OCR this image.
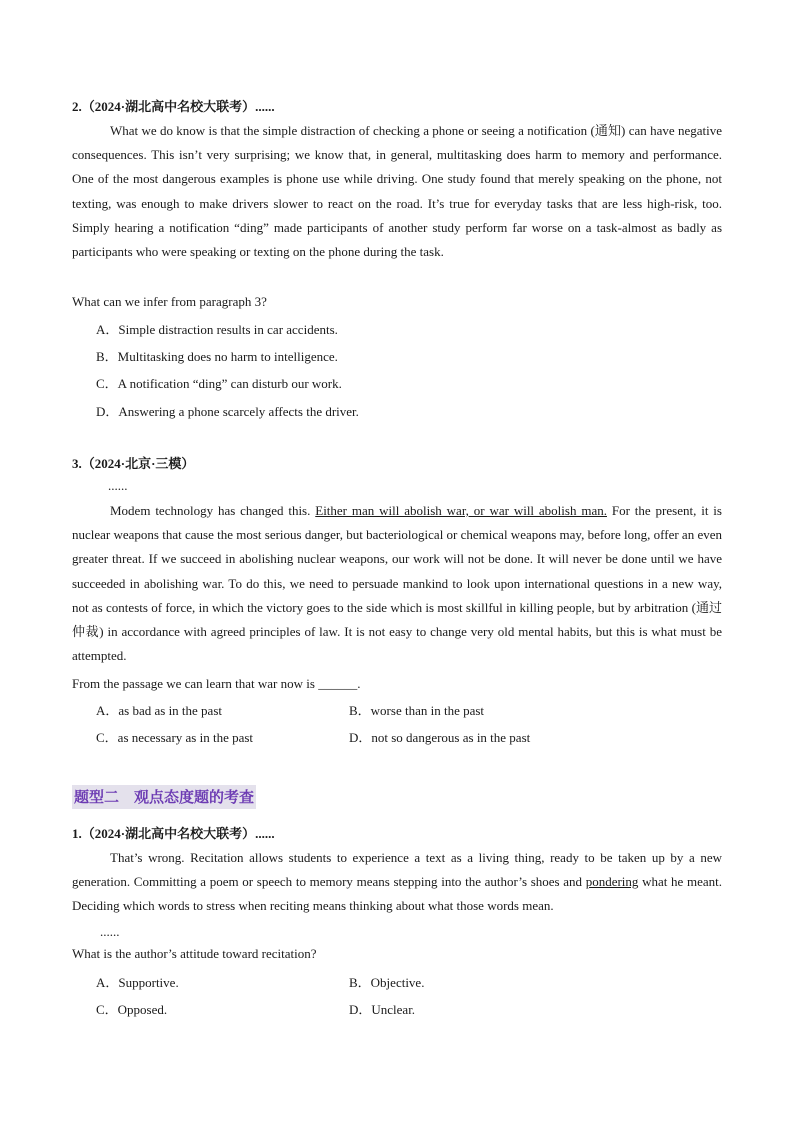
2.（2024·湖北高中名校大联考）......

What we do know is that the simple distraction of checking a phone or seeing a notification (通知) can have negative consequences. This isn’t very surprising; we know that, in general, multitasking does harm to memory and performance. One of the most dangerous examples is phone use while driving. One study found that merely speaking on the phone, not texting, was enough to make drivers slower to react on the road. It’s true for everyday tasks that are less high-risk, too. Simply hearing a notification “ding” made participants of another study perform far worse on a task-almost as badly as participants who were speaking or texting on the phone during the task.

What can we infer from paragraph 3?
A．Simple distraction results in car accidents.
B．Multitasking does no harm to intelligence.
C．A notification “ding” can disturb our work.
D．Answering a phone scarcely affects the driver.
3.（2024·北京·三模）
......

Modem technology has changed this. Either man will abolish war, or war will abolish man. For the present, it is nuclear weapons that cause the most serious danger, but bacteriological or chemical weapons may, before long, offer an even greater threat. If we succeed in abolishing nuclear weapons, our work will not be done. It will never be done until we have succeeded in abolishing war. To do this, we need to persuade mankind to look upon international questions in a new way, not as contests of force, in which the victory goes to the side which is most skillful in killing people, but by arbitration (通过仲裁) in accordance with agreed principles of law. It is not easy to change very old mental habits, but this is what must be attempted.

From the passage we can learn that war now is ______.
A．as bad as in the past	B．worse than in the past
C．as necessary as in the past	D．not so dangerous as in the past
题型二　观点态度题的考查
1.（2024·湖北高中名校大联考）......

That’s wrong. Recitation allows students to experience a text as a living thing, ready to be taken up by a new generation. Committing a poem or speech to memory means stepping into the author’s shoes and pondering what he meant. Deciding which words to stress when reciting means thinking about what those words mean.

......
What is the author’s attitude toward recitation?
A．Supportive.	B．Objective.
C．Opposed.	D．Unclear.
